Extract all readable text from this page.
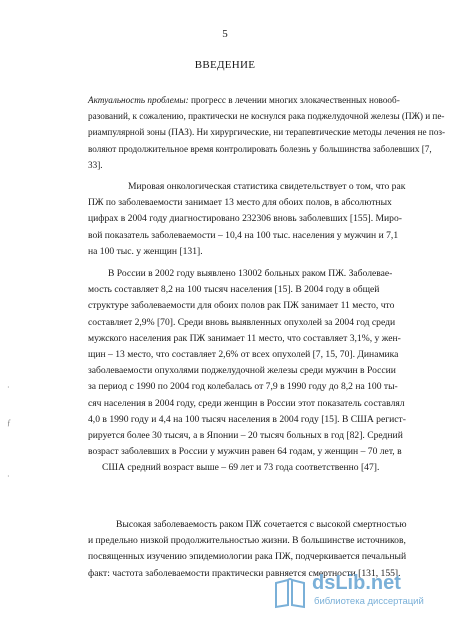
5
ВВЕДЕНИЕ
Актуальность проблемы: прогресс в лечении многих злокачественных новооб-
разований, к сожалению, практически не коснулся рака поджелудочной железы (ПЖ) и пе-
риампулярной зоны (ПАЗ). Ни хирургические, ни терапевтические методы лечения не поз-
воляют продолжительное время контролировать болезнь у большинства заболевших [7,
33].
Мировая онкологическая статистика свидетельствует о том, что рак
ПЖ по заболеваемости занимает 13 место для обоих полов, в абсолютных
цифрах в 2004 году диагностировано 232306 вновь заболевших [155]. Миро-
вой показатель заболеваемости – 10,4 на 100 тыс. населения у мужчин и 7,1
на 100 тыс. у женщин [131].
В России в 2002 году выявлено 13002 больных раком ПЖ. Заболевае-
мость составляет 8,2 на 100 тысяч населения [15]. В 2004 году в общей
структуре заболеваемости для обоих полов рак ПЖ занимает 11 место, что
составляет 2,9% [70]. Среди вновь выявленных опухолей за 2004 год среди
мужского населения рак ПЖ занимает 11 место, что составляет 3,1%, у жен-
щин – 13 место, что составляет 2,6% от всех опухолей [7, 15, 70]. Динамика
заболеваемости опухолями поджелудочной железы среди мужчин в России
за период с 1990 по 2004 год колебалась от 7,9 в 1990 году до 8,2 на 100 ты-
сяч населения в 2004 году, среди женщин в России этот показатель составлял
4,0 в 1990 году и 4,4 на 100 тысяч населения в 2004 году [15]. В США регист-
рируется более 30 тысяч, а в Японии – 20 тысяч больных в год [82]. Средний
возраст заболевших в России у мужчин равен 64 годам, у женщин – 70 лет, в
США средний возраст выше – 69 лет и 73 года соответственно [47].
Высокая заболеваемость раком ПЖ сочетается с высокой смертностью
и предельно низкой продолжительностью жизни. В большинстве источников,
посвященных изучению эпидемиологии рака ПЖ, подчеркивается печальный
факт: частота заболеваемости практически равняется смертности [131, 155].
·
ƒ
·
dsLib.net
библиотека диссертаций
